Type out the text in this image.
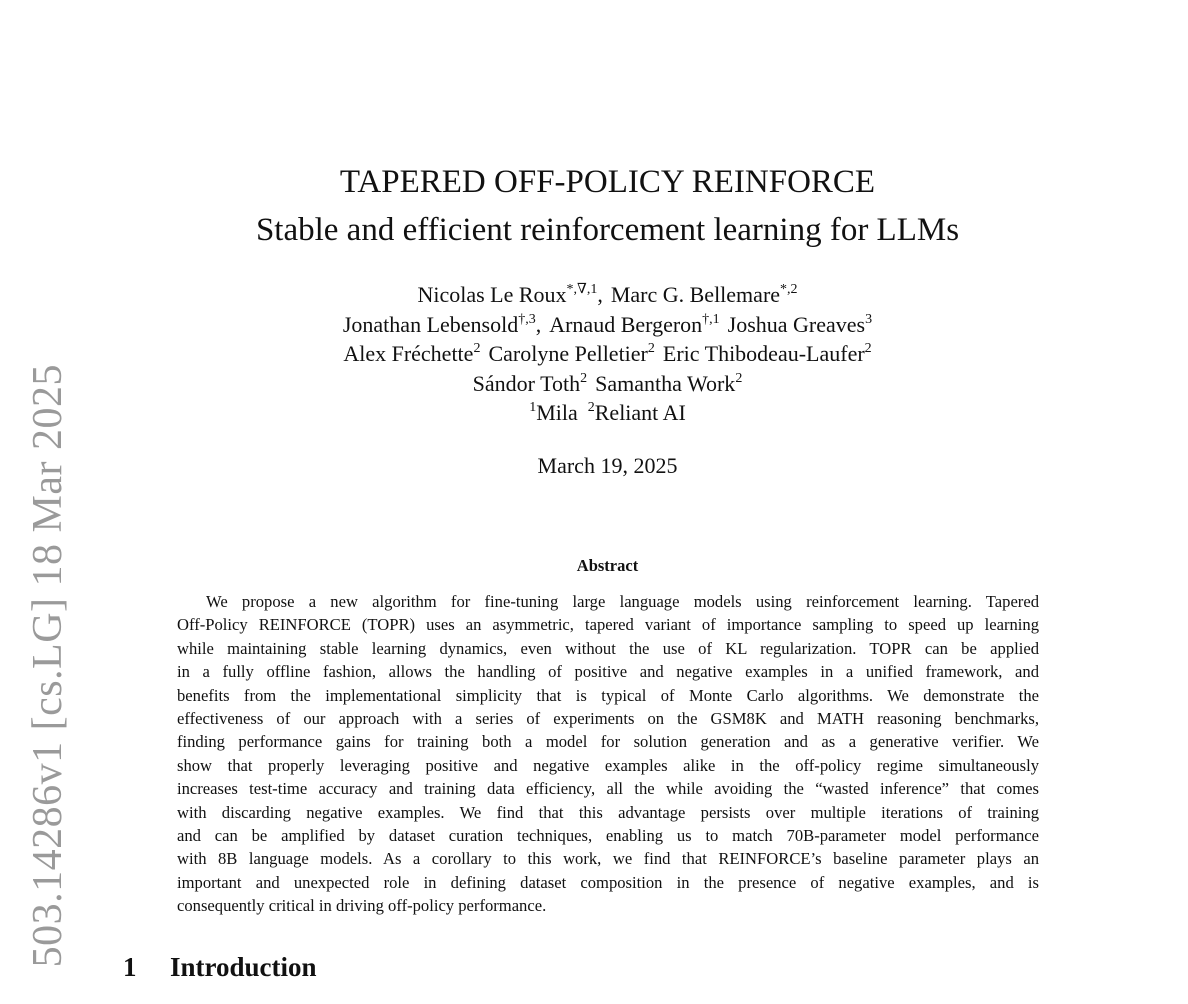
503.14286v1 [cs.LG] 18 Mar 2025
TAPERED OFF-POLICY REINFORCE
Stable and efficient reinforcement learning for LLMs
Nicolas Le Roux$^{*,\nabla,1}$, Marc G. Bellemare$^{*,2}$
Jonathan Lebensold$^{\dagger,3}$, Arnaud Bergeron$^{\dagger,1}$ Joshua Greaves$^3$
Alex Fréchette$^2$ Carolyne Pelletier$^2$ Eric Thibodeau-Laufer$^2$
Sándor Toth$^2$ Samantha Work$^2$
$^1$Mila $^2$Reliant AI
March 19, 2025
Abstract
We propose a new algorithm for fine-tuning large language models using reinforcement learning. Tapered
Off-Policy REINFORCE (TOPR) uses an asymmetric, tapered variant of importance sampling to speed up learning
while maintaining stable learning dynamics, even without the use of KL regularization. TOPR can be applied
in a fully offline fashion, allows the handling of positive and negative examples in a unified framework, and
benefits from the implementational simplicity that is typical of Monte Carlo algorithms. We demonstrate the
effectiveness of our approach with a series of experiments on the GSM8K and MATH reasoning benchmarks,
finding performance gains for training both a model for solution generation and as a generative verifier. We
show that properly leveraging positive and negative examples alike in the off-policy regime simultaneously
increases test-time accuracy and training data efficiency, all the while avoiding the “wasted inference” that comes
with discarding negative examples. We find that this advantage persists over multiple iterations of training
and can be amplified by dataset curation techniques, enabling us to match 70B-parameter model performance
with 8B language models. As a corollary to this work, we find that REINFORCE’s baseline parameter plays an
important and unexpected role in defining dataset composition in the presence of negative examples, and is
consequently critical in driving off-policy performance.
1 Introduction
